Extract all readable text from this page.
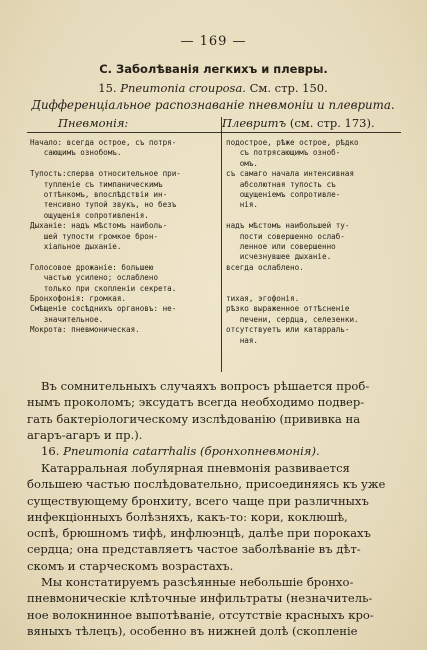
— 169 —
С. Заболѣванія легкихъ и плевры.
15. Pneumonia crouposa. См. стр. 150.
Дифференціальное распознаваніе пневмоніи и плеврита.
Пневмонія:	Плевритъ (см. стр. 173).
Начало: всегда острое, съ потря-
сающимъ ознобомъ.
Тупость:сперва относительное при-
тупленіе съ тимпаническимъ
оттѣнкомъ, впослѣдствіи ин-
тенсивно тупой звукъ, но безъ
ощущенія сопротивленія.
Дыханіе: надъ мѣстомъ наиболь-
шей тупости громкое брон-
хіальное дыханіе.
Голосовое дрожаніе: большею
частью усилено; ослаблено
только при скопленіи секрета.
Бронхофонія: громкая.
Смѣщеніе сосѣднихъ органовъ: не-
значительное.
Мокрота: пневмоническая.
подострое, рѣже острое, рѣдко
съ потрясающимъ озноб-
омъ.
съ самаго начала интенсивная
абсолютная тупость съ
ощущеніемъ сопротивле-
нія.
надъ мѣстомъ наибольшей ту-
пости совершенно ослаб-
ленное или совершенно
исчезнувшее дыханіе.
всегда ослаблено.
тихая, эгофонія.
рѣзко выраженное оттѣсненіе
печени, сердца, селезенки.
отсутствуетъ или катарраль-
ная.
Въ сомнительныхъ случаяхъ вопросъ рѣшается проб-
нымъ прокoломъ; эксудатъ всегда необходимо подвер-
гать бактеріологическому изслѣдованію (прививка на
агаръ-агаръ и пр.).
16. Pneumonia catarrhalis (бронхопневмонія).
Катарральная лобулярная пневмонія развивается
большею частью послѣдовательно, присоединяясь къ уже
существующему бронхиту, всего чаще при различныхъ
инфекціонныхъ болѣзняхъ, какъ-то: кори, коклюшѣ,
оспѣ, брюшномъ тифѣ, инфлюэнцѣ, далѣе при порокахъ
сердца; она представляетъ частое заболѣваніе въ дѣт-
скомъ и старческомъ возрастахъ.
Мы констатируемъ разсѣянные небольшіе бронхо-
пневмоническіе клѣточные инфильтраты (незначитель-
ное волокнинное выпотѣваніе, отсутствіе красныхъ кро-
вяныхъ тѣлецъ), особенно въ нижней долѣ (скопленіе
